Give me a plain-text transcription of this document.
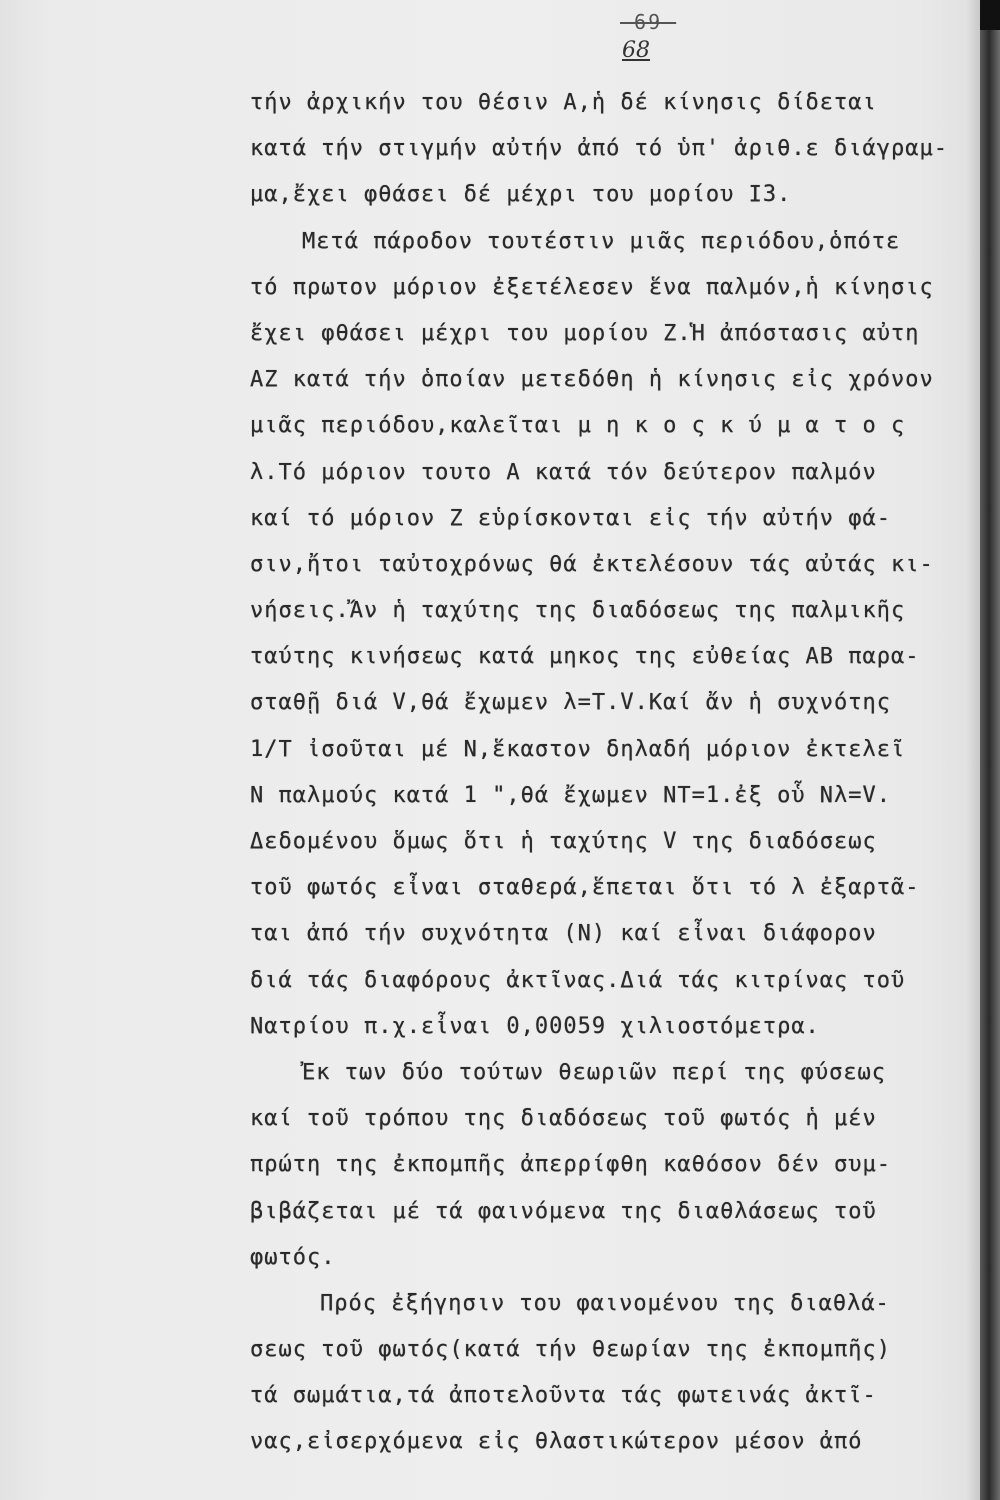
-69-
68
τήν ἀρχικήν του θέσιν Α,ἡ δέ κίνησις δίδεται
κατά τήν στιγμήν αὐτήν ἀπό τό ὑπ' ἀριθ.ε διάγραμ-
μα,ἔχει φθάσει δέ μέχρι του μορίου Ι3.
Μετά πάροδον τουτέστιν μιᾶς περιόδου,ὁπότε
τό πρωτον μόριον ἐξετέλεσεν ἕνα παλμόν,ἡ κίνησις
ἔχει φθάσει μέχρι του μορίου Ζ.Ἡ ἀπόστασις αὐτη
ΑΖ κατά τήν ὁποίαν μετεδόθη ἡ κίνησις εἰς χρόνον
μιᾶς περιόδου,καλεῖται μ η κ ο ς κ ύ μ α τ ο ς
λ.Τό μόριον τουτο Α κατά τόν δεύτερον παλμόν
καί τό μόριον Ζ εὑρίσκονται εἰς τήν αὐτήν φά-
σιν,ἤτοι ταὐτοχρόνως θά ἐκτελέσουν τάς αὐτάς κι-
νήσεις.Ἄν ἡ ταχύτης της διαδόσεως της παλμικῆς
ταύτης κινήσεως κατά μηκος της εὐθείας ΑΒ παρα-
σταθῇ διά V,θά ἔχωμεν λ=Τ.V.Καί ἄν ἡ συχνότης
1/Τ ἰσοῦται μέ Ν,ἕκαστον δηλαδή μόριον ἐκτελεῖ
Ν παλμούς κατά 1 ",θά ἔχωμεν ΝΤ=1.ἐξ οὗ Νλ=V.
Δεδομένου ὅμως ὅτι ἡ ταχύτης V της διαδόσεως
τοῦ φωτός εἶναι σταθερά,ἕπεται ὅτι τό λ ἐξαρτᾶ-
ται ἀπό τήν συχνότητα (Ν) καί εἶναι διάφορον
διά τάς διαφόρους ἀκτῖνας.Διά τάς κιτρίνας τοῦ
Νατρίου π.χ.εἶναι 0,00059 χιλιοστόμετρα.
Ἐκ των δύο τούτων θεωριῶν περί της φύσεως
καί τοῦ τρόπου της διαδόσεως τοῦ φωτός ἡ μέν
πρώτη της ἐκπομπῆς ἀπερρίφθη καθόσον δέν συμ-
βιβάζεται μέ τά φαινόμενα της διαθλάσεως τοῦ
φωτός.
Πρός ἐξήγησιν του φαινομένου της διαθλά-
σεως τοῦ φωτός(κατά τήν θεωρίαν της ἐκπομπῆς)
τά σωμάτια,τά ἀποτελοῦντα τάς φωτεινάς ἀκτῖ-
νας,εἰσερχόμενα εἰς θλαστικώτερον μέσον ἀπό
